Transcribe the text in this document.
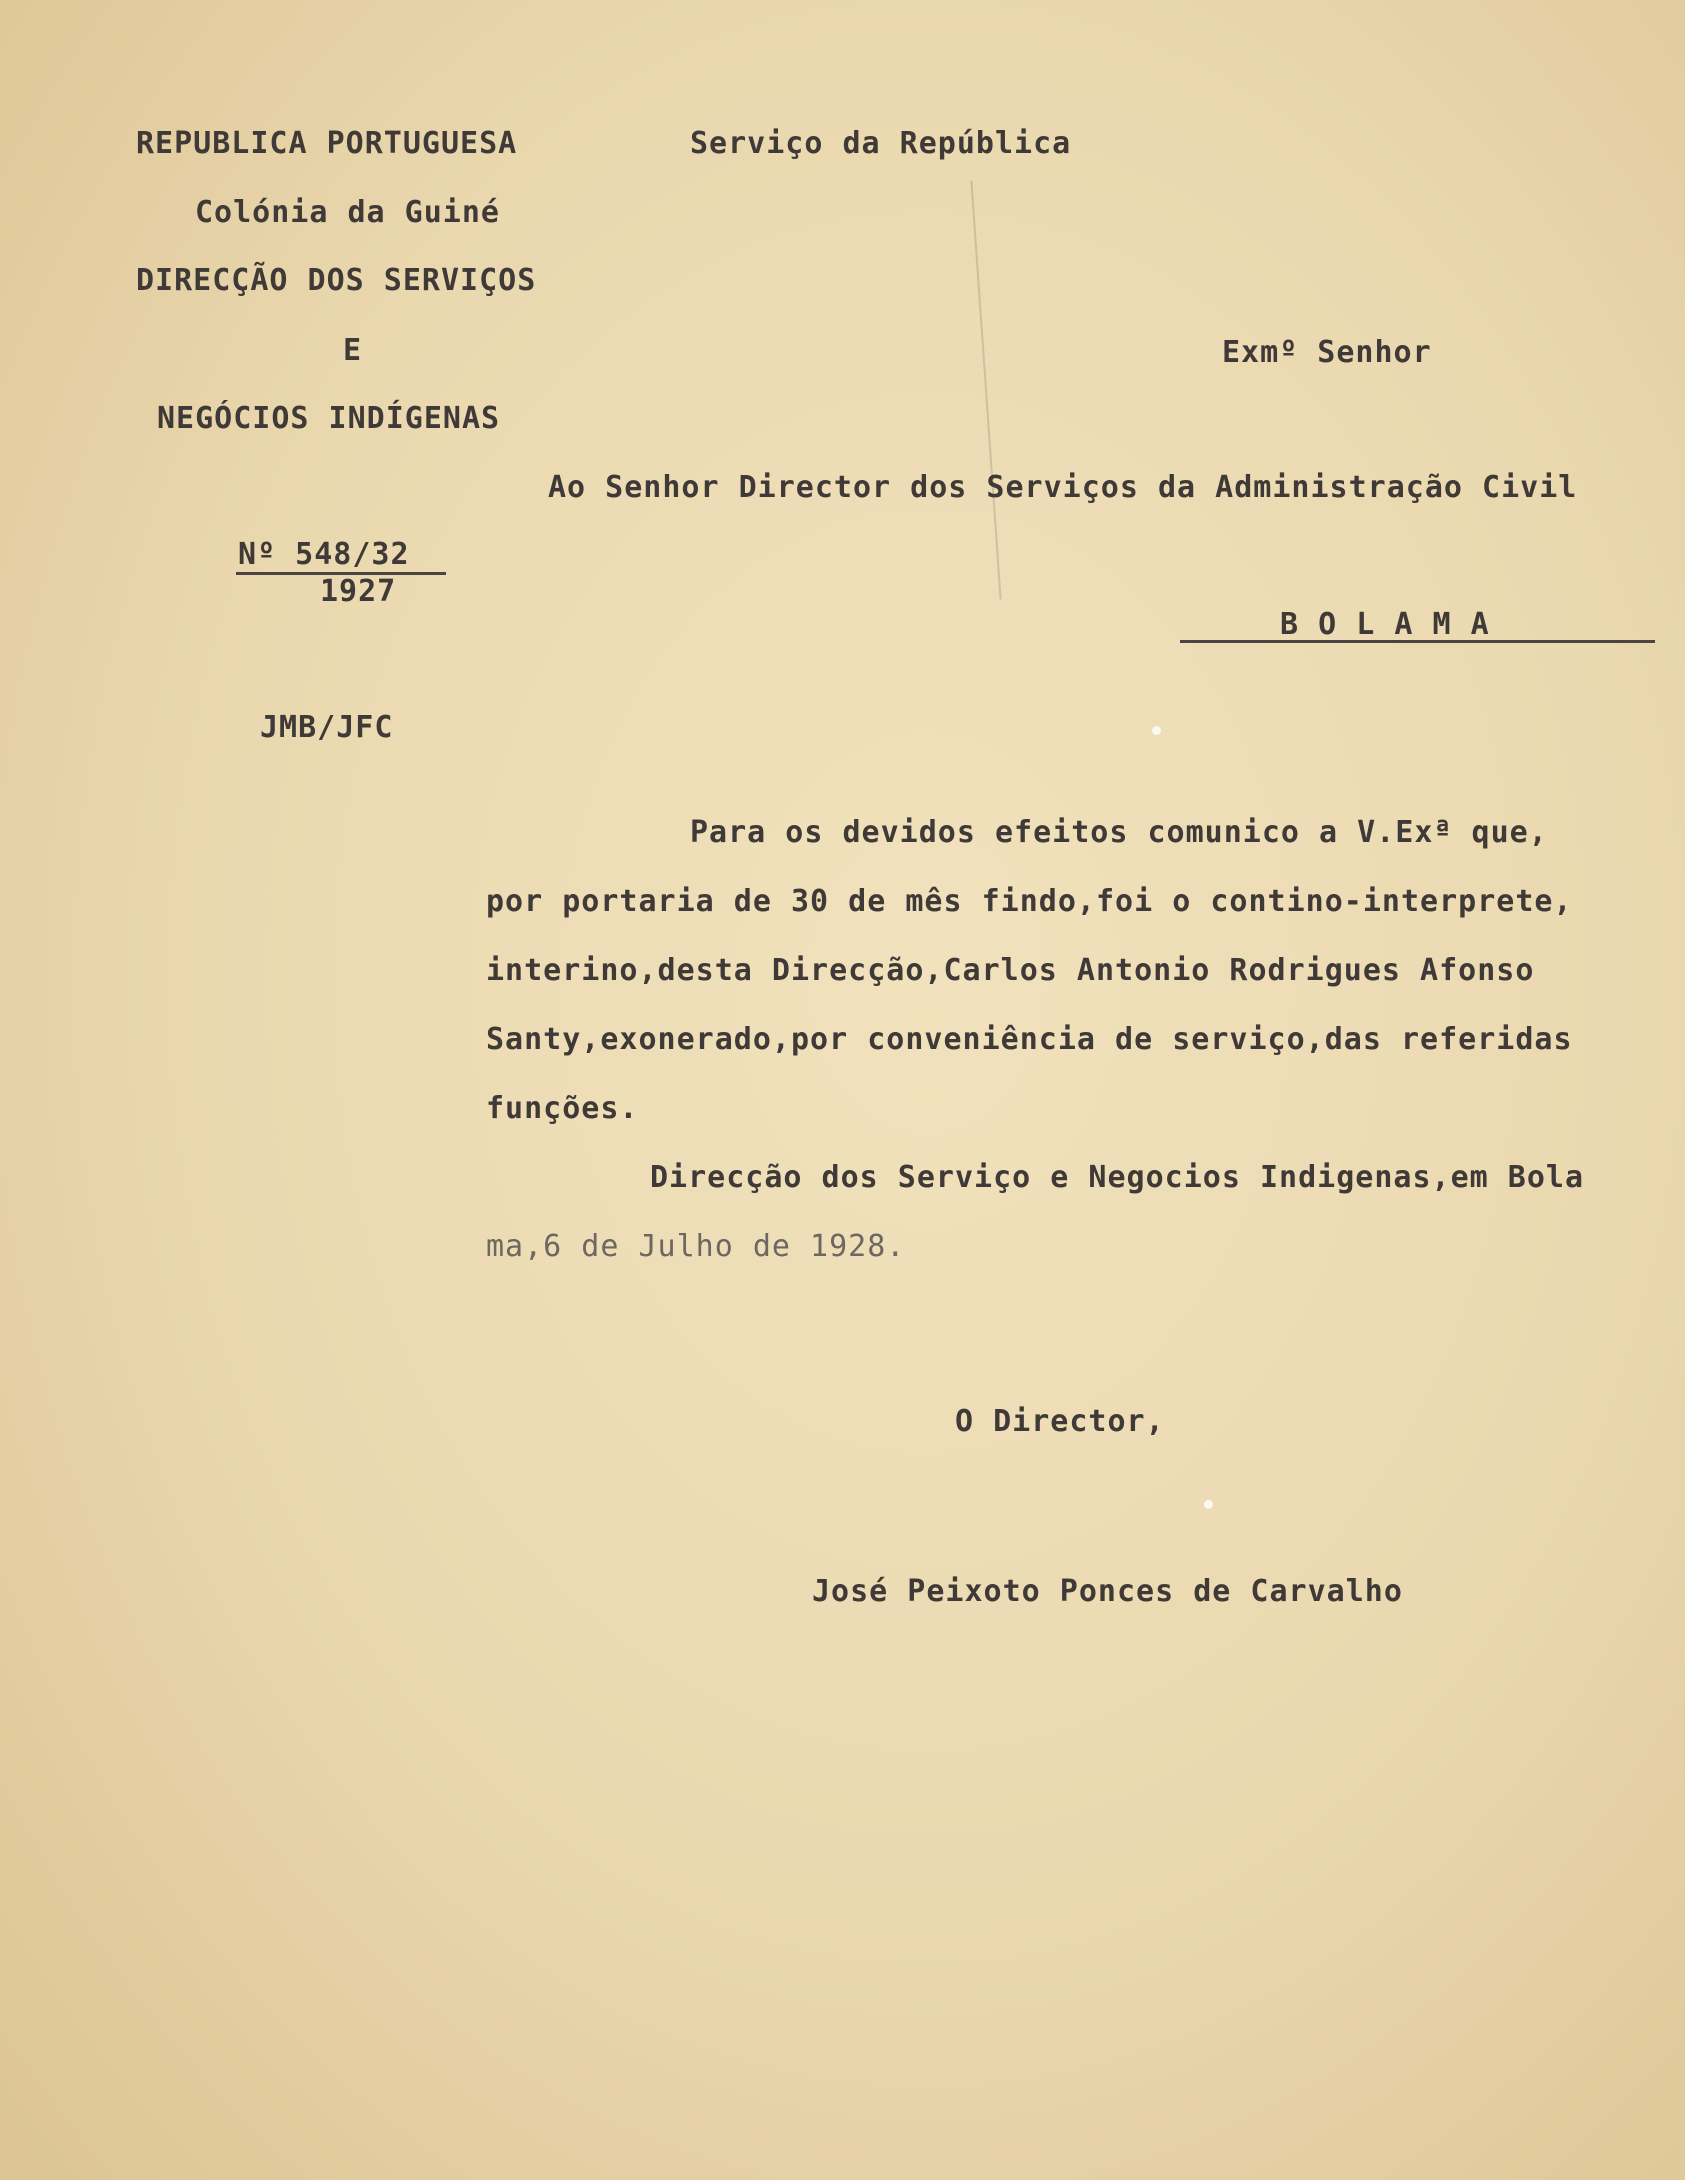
REPUBLICA PORTUGUESA
Colónia da Guiné
DIRECÇÃO DOS SERVIÇOS
E
NEGÓCIOS INDÍGENAS
Serviço da República
Exmº Senhor
Ao Senhor Director dos Serviços da Administração Civil
Nº 548/32
1927
B O L A M A
JMB/JFC
Para os devidos efeitos comunico a V.Exª que,
por portaria de 30 de mês findo,foi o contino-interprete,
interino,desta Direcção,Carlos Antonio Rodrigues Afonso
Santy,exonerado,por conveniência de serviço,das referidas
funções.
Direcção dos Serviço e Negocios Indigenas,em Bola
ma,6 de Julho de 1928.
O Director,
José Peixoto Ponces de Carvalho
